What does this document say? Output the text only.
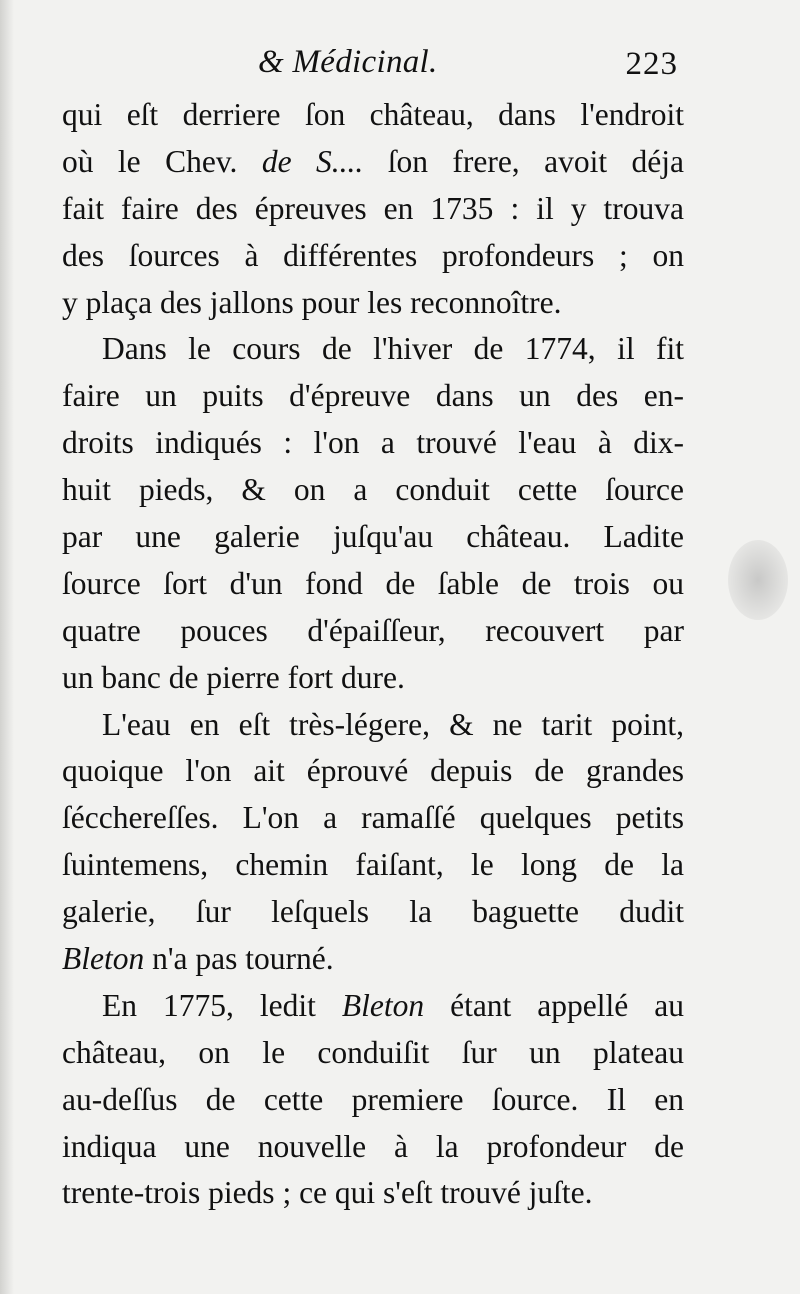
& Médicinal.	223
qui eſt derriere ſon château, dans l'endroit
où le Chev. de S.... ſon frere, avoit déja
fait faire des épreuves en 1735 : il y trouva
des ſources à différentes profondeurs ; on
y plaça des jallons pour les reconnoître.
Dans le cours de l'hiver de 1774, il fit
faire un puits d'épreuve dans un des en-
droits indiqués : l'on a trouvé l'eau à dix-
huit pieds, & on a conduit cette ſource
par une galerie juſqu'au château. Ladite
ſource ſort d'un fond de ſable de trois ou
quatre pouces d'épaiſſeur, recouvert par
un banc de pierre fort dure.
L'eau en eſt très-légere, & ne tarit point,
quoique l'on ait éprouvé depuis de grandes
ſécchereſſes. L'on a ramaſſé quelques petits
ſuintemens, chemin faiſant, le long de la
galerie, ſur leſquels la baguette dudit
Bleton n'a pas tourné.
En 1775, ledit Bleton étant appellé au
château, on le conduiſit ſur un plateau
au-deſſus de cette premiere ſource. Il en
indiqua une nouvelle à la profondeur de
trente-trois pieds ; ce qui s'eſt trouvé juſte.
